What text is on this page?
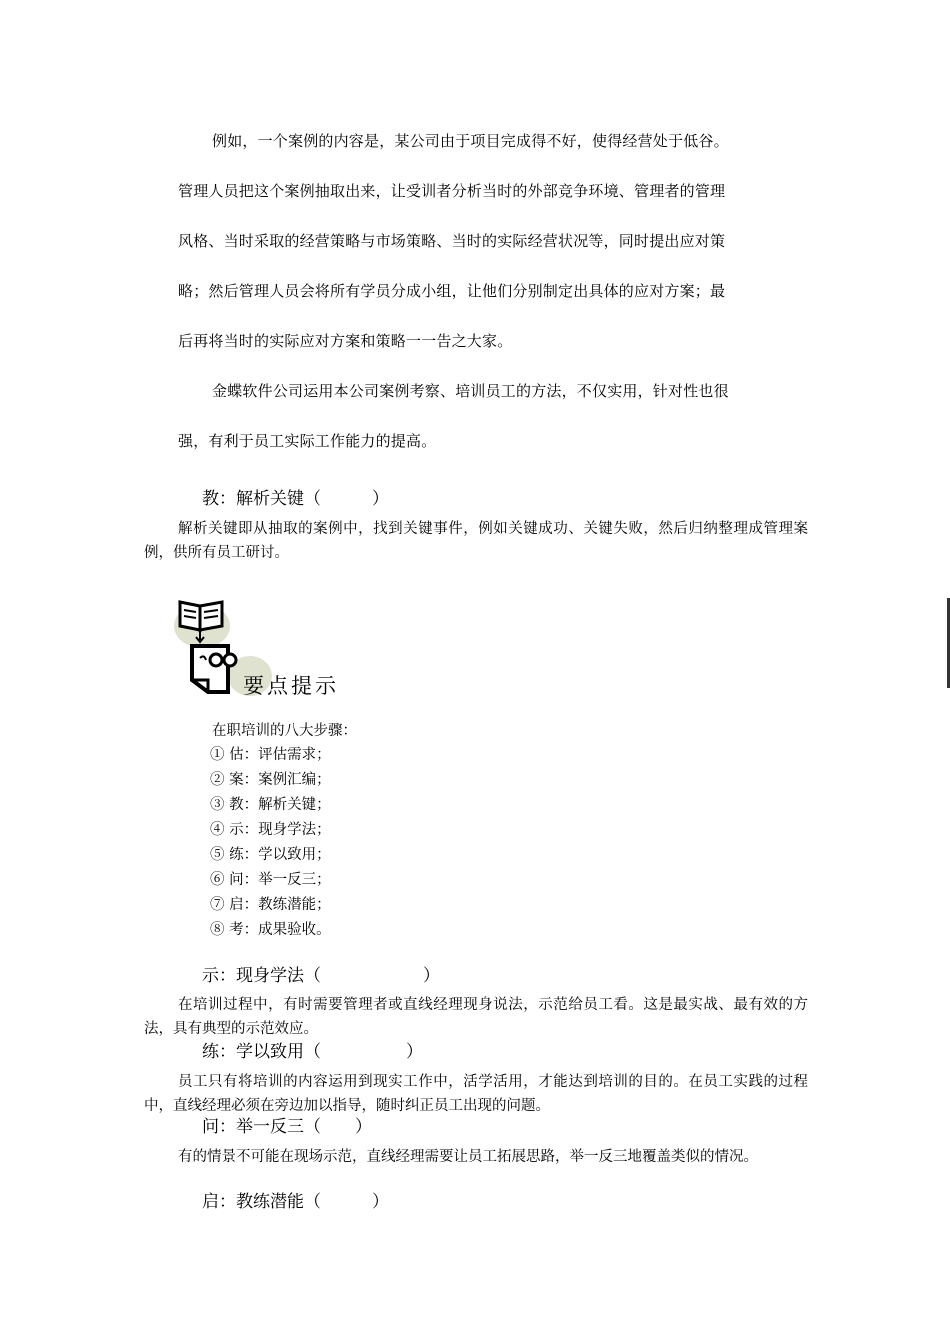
例如，一个案例的内容是，某公司由于项目完成得不好，使得经营处于低谷。
管理人员把这个案例抽取出来，让受训者分析当时的外部竞争环境、管理者的管理
风格、当时采取的经营策略与市场策略、当时的实际经营状况等，同时提出应对策
略；然后管理人员会将所有学员分成小组，让他们分别制定出具体的应对方案；最
后再将当时的实际应对方案和策略一一告之大家。
金蝶软件公司运用本公司案例考察、培训员工的方法，不仅实用，针对性也很
强，有利于员工实际工作能力的提高。
教：解析关键（　　　）
解析关键即从抽取的案例中，找到关键事件，例如关键成功、关键失败，然后归纳整理成管理案例，供所有员工研讨。
要点提示
在职培训的八大步骤：
① 估：评估需求；
② 案：案例汇编；
③ 教：解析关键；
④ 示：现身学法；
⑤ 练：学以致用；
⑥ 问：举一反三；
⑦ 启：教练潜能；
⑧ 考：成果验收。
示：现身学法（　　　　　　）
在培训过程中，有时需要管理者或直线经理现身说法，示范给员工看。这是最实战、最有效的方法，具有典型的示范效应。
练：学以致用（　　　　　）
员工只有将培训的内容运用到现实工作中，活学活用，才能达到培训的目的。在员工实践的过程中，直线经理必须在旁边加以指导，随时纠正员工出现的问题。
问：举一反三（　　）
有的情景不可能在现场示范，直线经理需要让员工拓展思路，举一反三地覆盖类似的情况。
启：教练潜能（　　　）
